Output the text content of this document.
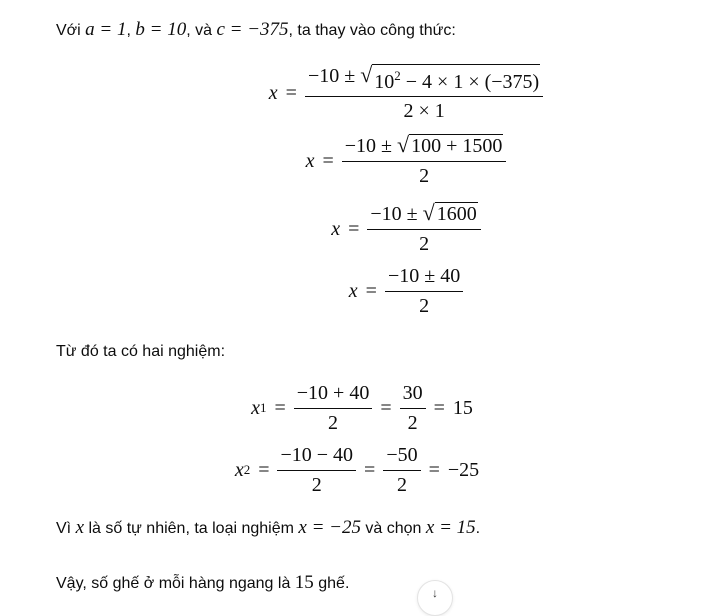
Với a = 1, b = 10, và c = −375, ta thay vào công thức:
$x = \frac{-10 \pm √ 10^2 - 4 \times 1 \times (-375)}{2 \times 1}$
$x = \frac{-10 \pm √ 100 + 1500}{2}$
$x = \frac{-10 \pm √ 1600}{2}$
$x = \frac{-10 \pm 40}{2}$
Từ đó ta có hai nghiệm:
x $1 = \frac{-10 + 40}{2} = \frac{30}{2} = 15$
x $2 = \frac{-10 - 40}{2} = \frac{-50}{2} = -25$
Vì x là số tự nhiên, ta loại nghiệm x = −25 và chọn x = 15.
Vậy, số ghế ở mỗi hàng ngang là 15 ghế.
↓
